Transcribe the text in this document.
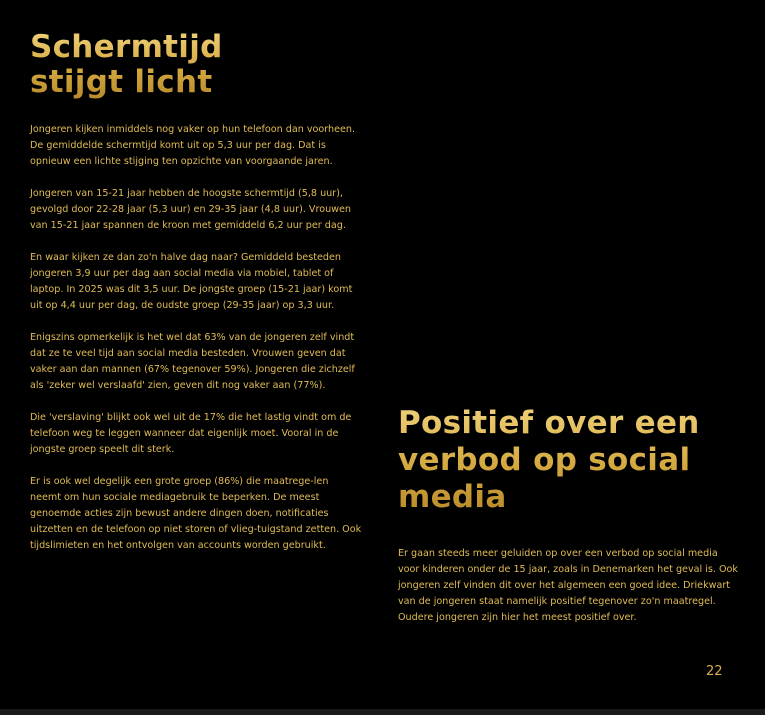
Schermtijd
stijgt licht

Jongeren kijken inmiddels nog vaker op hun telefoon dan voorheen. De gemiddelde schermtijd komt uit op 5,3 uur per dag. Dat is opnieuw een lichte stijging ten opzichte van voorgaande jaren.

Jongeren van 15-21 jaar hebben de hoogste schermtijd (5,8 uur), gevolgd door 22-28 jaar (5,3 uur) en 29-35 jaar (4,8 uur). Vrouwen van 15-21 jaar spannen de kroon met gemiddeld 6,2 uur per dag.

En waar kijken ze dan zo'n halve dag naar? Gemiddeld besteden jongeren 3,9 uur per dag aan social media via mobiel, tablet of laptop. In 2025 was dit 3,5 uur. De jongste groep (15-21 jaar) komt uit op 4,4 uur per dag, de oudste groep (29-35 jaar) op 3,3 uur.

Enigszins opmerkelijk is het wel dat 63% van de jongeren zelf vindt dat ze te veel tijd aan social media besteden. Vrouwen geven dat vaker aan dan mannen (67% tegenover 59%). Jongeren die zichzelf als 'zeker wel verslaafd' zien, geven dit nog vaker aan (77%).

Die 'verslaving' blijkt ook wel uit de 17% die het lastig vindt om de telefoon weg te leggen wanneer dat eigenlijk moet. Vooral in de jongste groep speelt dit sterk.

Er is ook wel degelijk een grote groep (86%) die maatrege-len neemt om hun sociale mediagebruik te beperken. De meest genoemde acties zijn bewust andere dingen doen, notificaties uitzetten en de telefoon op niet storen of vlieg-tuigstand zetten. Ook tijdslimieten en het ontvolgen van accounts worden gebruikt.

Positief over een
verbod op social
media

Er gaan steeds meer geluiden op over een verbod op social media voor kinderen onder de 15 jaar, zoals in Denemarken het geval is. Ook jongeren zelf vinden dit over het algemeen een goed idee. Driekwart van de jongeren staat namelijk positief tegenover zo'n maatregel. Oudere jongeren zijn hier het meest positief over.

22
